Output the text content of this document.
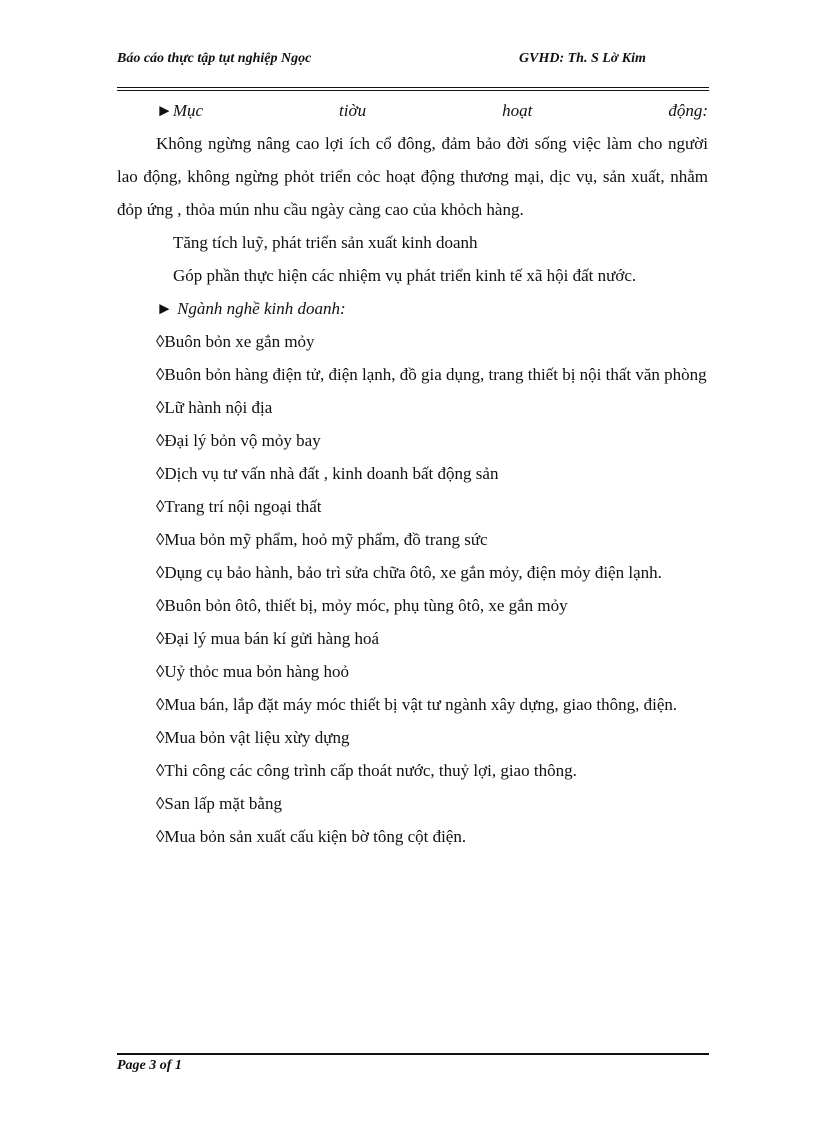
Báo cáo thực tập tụt nghiệp Ngọc	GVHD: Th. S Lờ Kim
►Mục	tiờu	hoạt	động:

Không ngừng nâng cao lợi ích cổ đông, đảm bảo đời sống việc làm cho người lao động, không ngừng phỏt triển cỏc hoạt động thương mại, dịc vụ, sản xuất, nhằm đỏp ứng , thỏa mún nhu cầu ngày càng cao của khỏch hàng.

Tăng tích luỹ, phát triển sản xuất kinh doanh

Góp phần thực hiện các nhiệm vụ phát triển kinh tế xã hội đất nước.

► Ngành nghề kinh doanh:

◊Buôn bỏn xe gắn mỏy

◊Buôn bỏn hàng điện tử, điện lạnh, đồ gia dụng, trang thiết bị nội thất văn phòng

◊Lữ hành nội địa

◊Đại lý bỏn vộ mỏy bay

◊Dịch vụ tư vấn nhà đất , kinh doanh bất động sản

◊Trang trí nội ngoại thất

◊Mua bỏn mỹ phẩm, hoỏ mỹ phẩm, đồ trang sức

◊Dụng cụ bảo hành, bảo trì sửa chữa ôtô, xe gắn mỏy, điện mỏy điện lạnh.

◊Buôn bỏn ôtô, thiết bị, mỏy móc, phụ tùng ôtô, xe gắn mỏy

◊Đại lý mua bán kí gửi hàng hoá

◊Uỷ thỏc mua bỏn hàng hoỏ

◊Mua bán, lắp đặt máy móc thiết bị vật tư ngành xây dựng, giao thông, điện.

◊Mua bỏn vật liệu xừy dựng

◊Thi công các công trình cấp thoát nước, thuỷ lợi, giao thông.

◊San lấp mặt bằng

◊Mua bỏn sản xuất cấu kiện bờ tông cột điện.

Page 3 of 1
